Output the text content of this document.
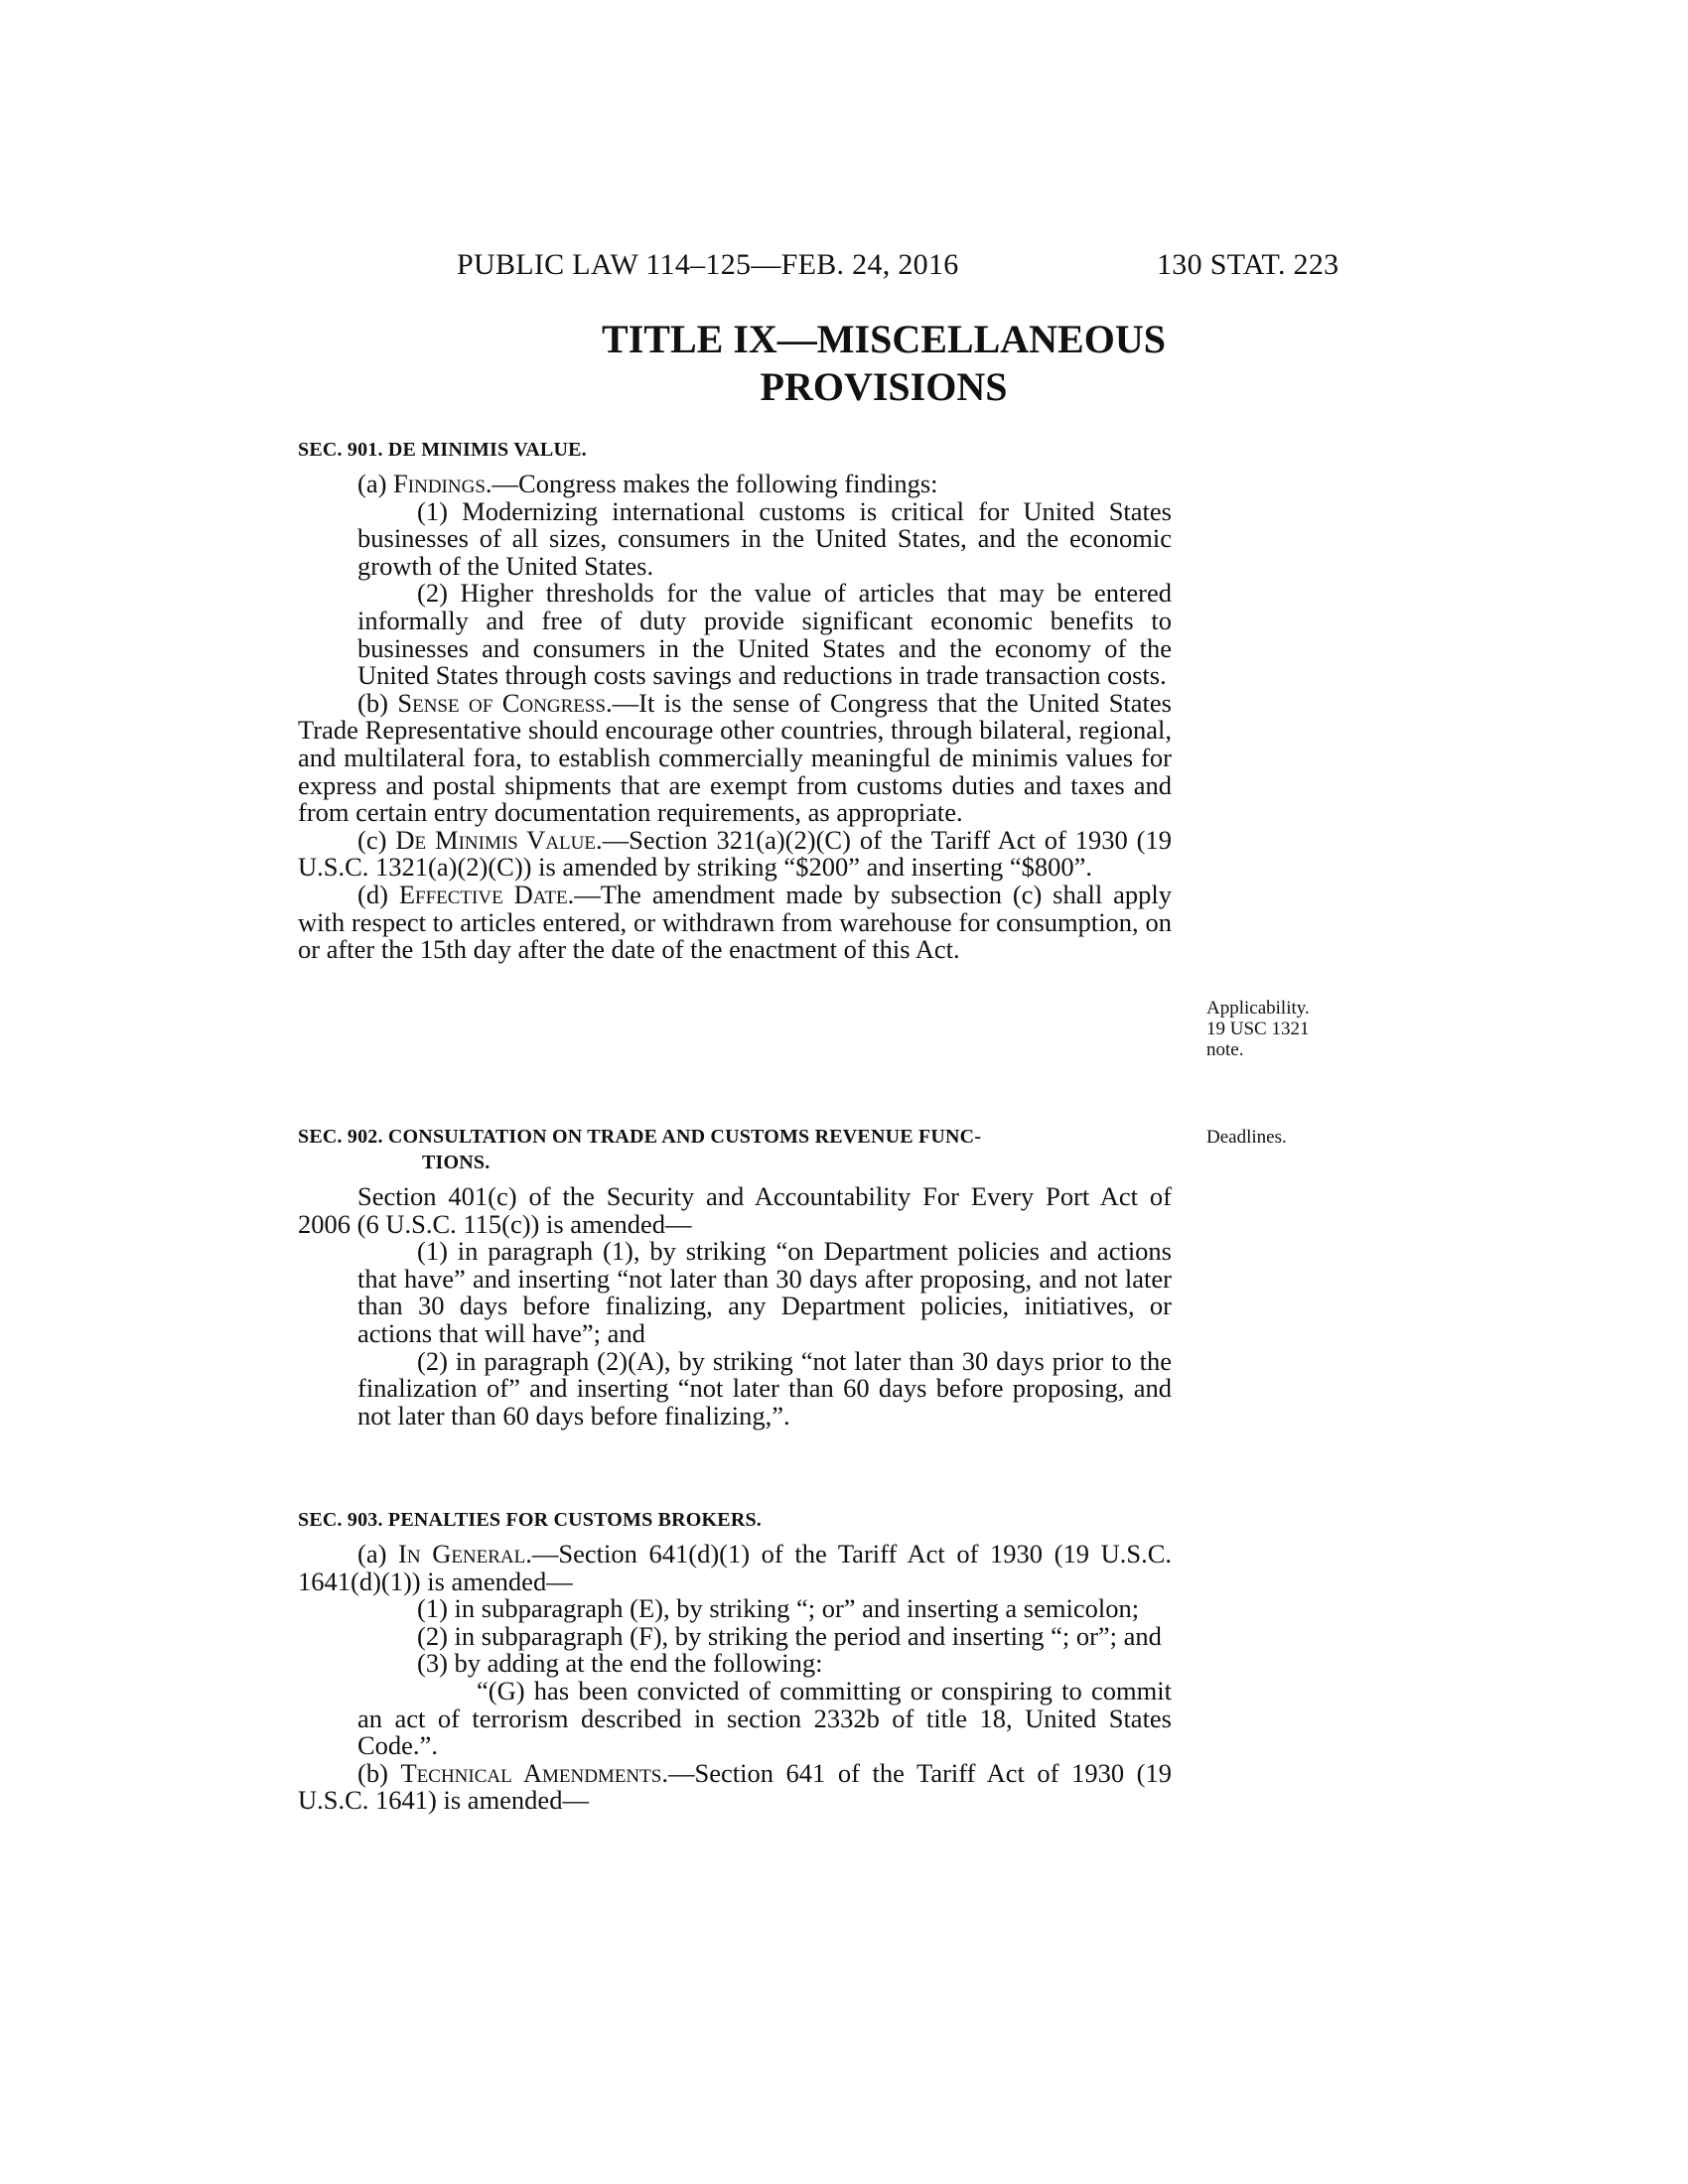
PUBLIC LAW 114–125—FEB. 24, 2016	130 STAT. 223
TITLE IX—MISCELLANEOUS
PROVISIONS
SEC. 901. DE MINIMIS VALUE.
(a) Findings.—Congress makes the following findings:
(1) Modernizing international customs is critical for United States businesses of all sizes, consumers in the United States, and the economic growth of the United States.
(2) Higher thresholds for the value of articles that may be entered informally and free of duty provide significant economic benefits to businesses and consumers in the United States and the economy of the United States through costs savings and reductions in trade transaction costs.
(b) Sense of Congress.—It is the sense of Congress that the United States Trade Representative should encourage other countries, through bilateral, regional, and multilateral fora, to establish commercially meaningful de minimis values for express and postal shipments that are exempt from customs duties and taxes and from certain entry documentation requirements, as appropriate.
(c) De Minimis Value.—Section 321(a)(2)(C) of the Tariff Act of 1930 (19 U.S.C. 1321(a)(2)(C)) is amended by striking “$200” and inserting “$800”.
(d) Effective Date.—The amendment made by subsection (c) shall apply with respect to articles entered, or withdrawn from warehouse for consumption, on or after the 15th day after the date of the enactment of this Act.
Applicability.
19 USC 1321
note.
SEC. 902. CONSULTATION ON TRADE AND CUSTOMS REVENUE FUNC-
TIONS.
Section 401(c) of the Security and Accountability For Every Port Act of 2006 (6 U.S.C. 115(c)) is amended—
(1) in paragraph (1), by striking “on Department policies and actions that have” and inserting “not later than 30 days after proposing, and not later than 30 days before finalizing, any Department policies, initiatives, or actions that will have”; and
(2) in paragraph (2)(A), by striking “not later than 30 days prior to the finalization of” and inserting “not later than 60 days before proposing, and not later than 60 days before finalizing,”.
Deadlines.
SEC. 903. PENALTIES FOR CUSTOMS BROKERS.
(a) In General.—Section 641(d)(1) of the Tariff Act of 1930 (19 U.S.C. 1641(d)(1)) is amended—
(1) in subparagraph (E), by striking “; or” and inserting a semicolon;
(2) in subparagraph (F), by striking the period and inserting “; or”; and
(3) by adding at the end the following:
“(G) has been convicted of committing or conspiring to commit an act of terrorism described in section 2332b of title 18, United States Code.”.
(b) Technical Amendments.—Section 641 of the Tariff Act of 1930 (19 U.S.C. 1641) is amended—
